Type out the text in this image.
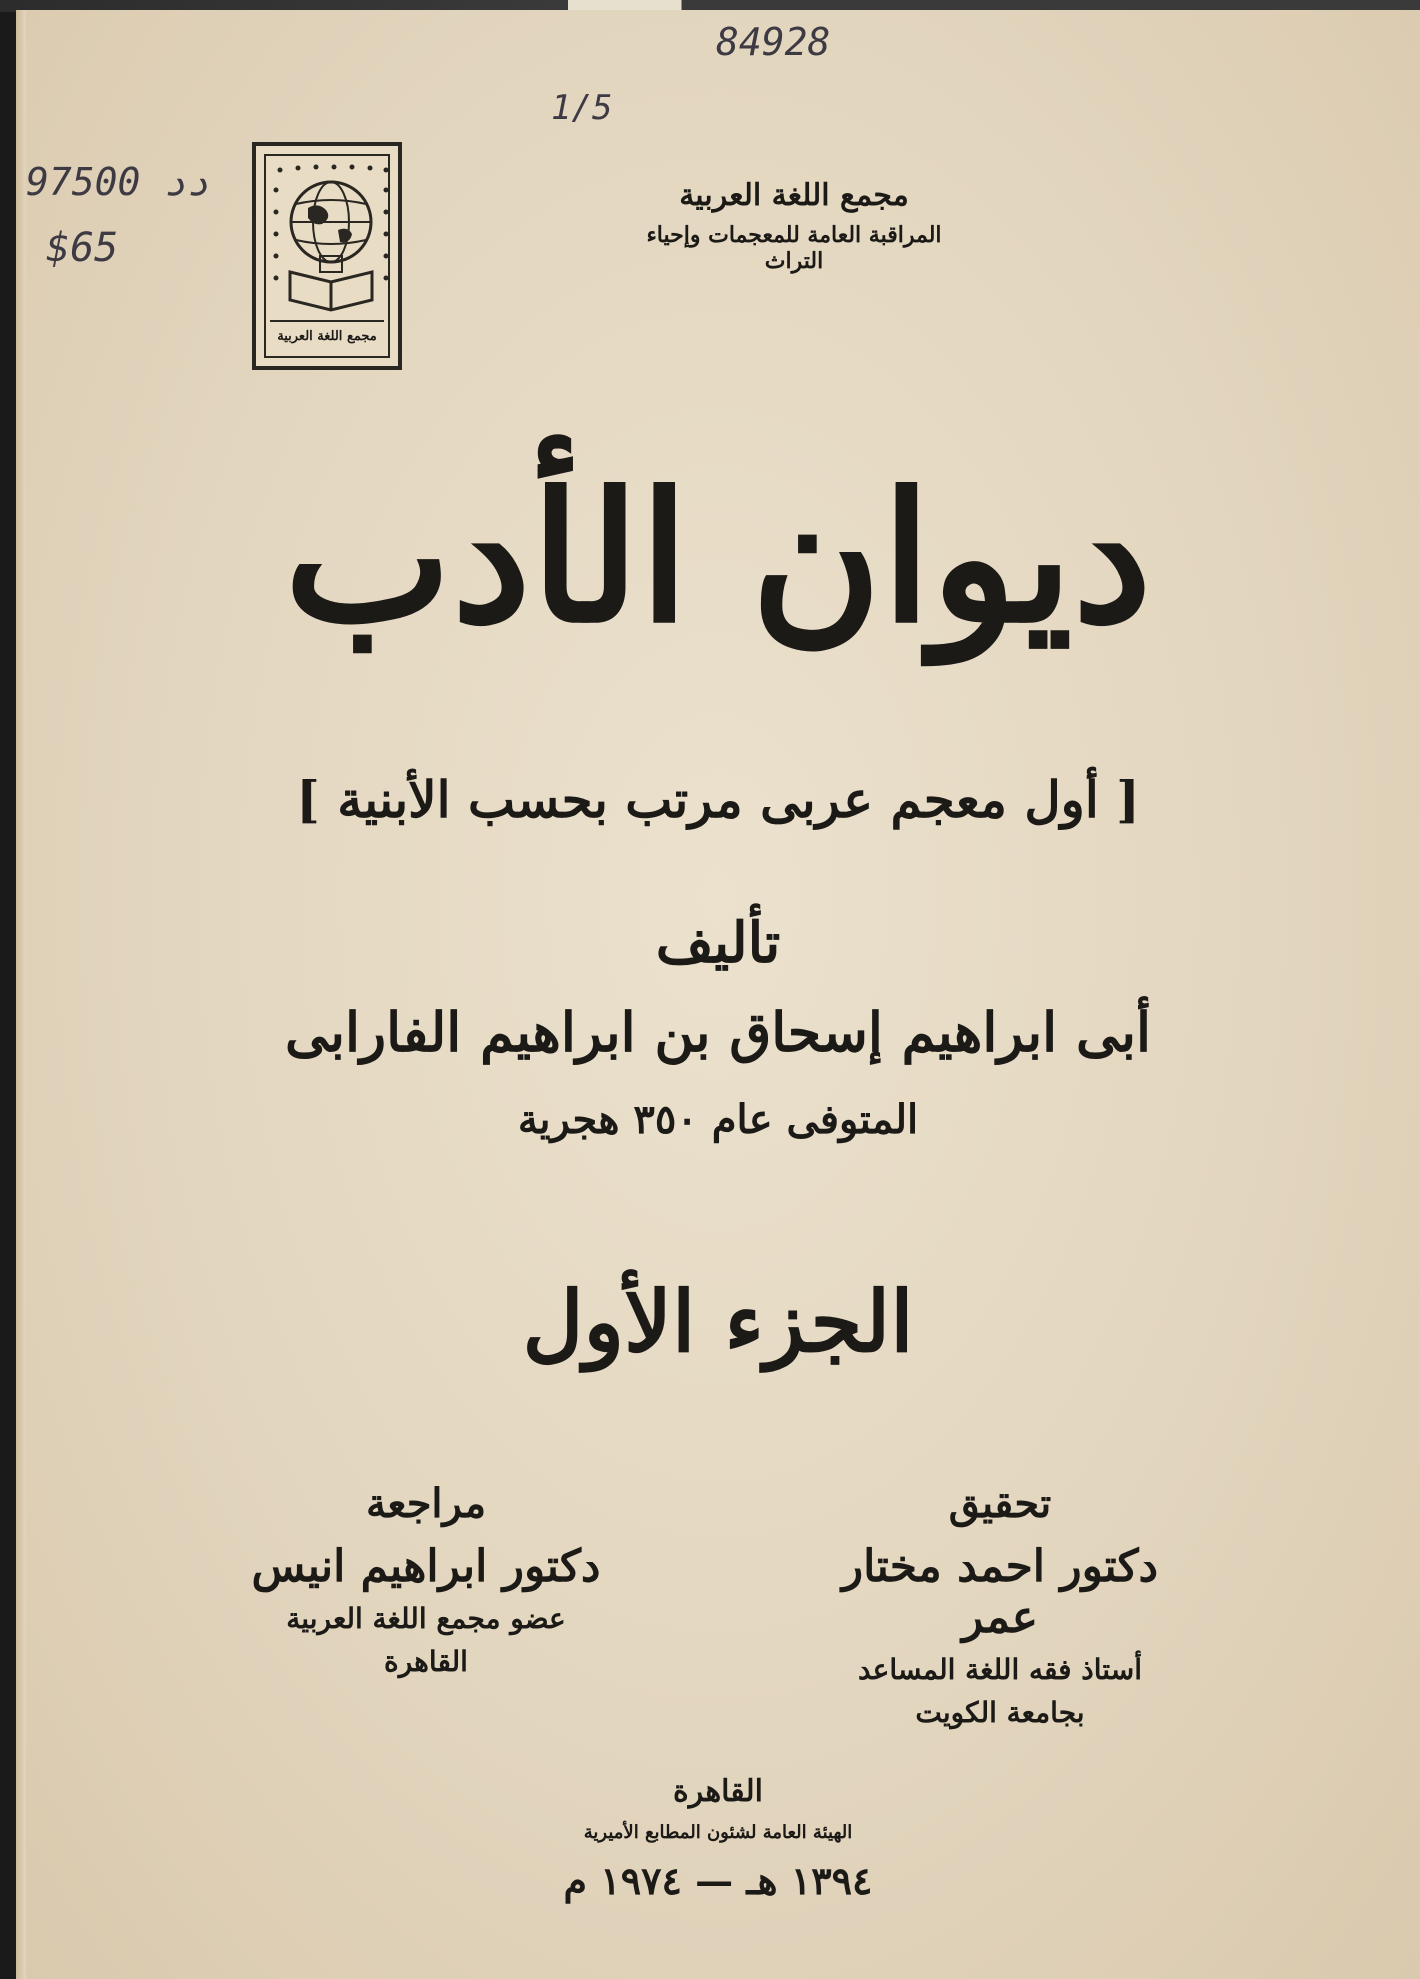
84928
1/5
دد 97500
$65
مجمع اللغة العربية
المراقبة العامة للمعجمات وإحياء التراث
مجمع اللغة العربية
ديوان الأدب
[ أول معجم عربى مرتب بحسب الأبنية ]
تأليف
أبى ابراهيم إسحاق بن ابراهيم الفارابى
المتوفى عام ٣٥٠ هجرية
الجزء الأول
تحقيق
دكتور احمد مختار عمر
أستاذ فقه اللغة المساعد
بجامعة الكويت
مراجعة
دكتور ابراهيم انيس
عضو مجمع اللغة العربية
القاهرة
القاهرة
الهيئة العامة لشئون المطابع الأميرية
١٣٩٤ هـ — ١٩٧٤ م
